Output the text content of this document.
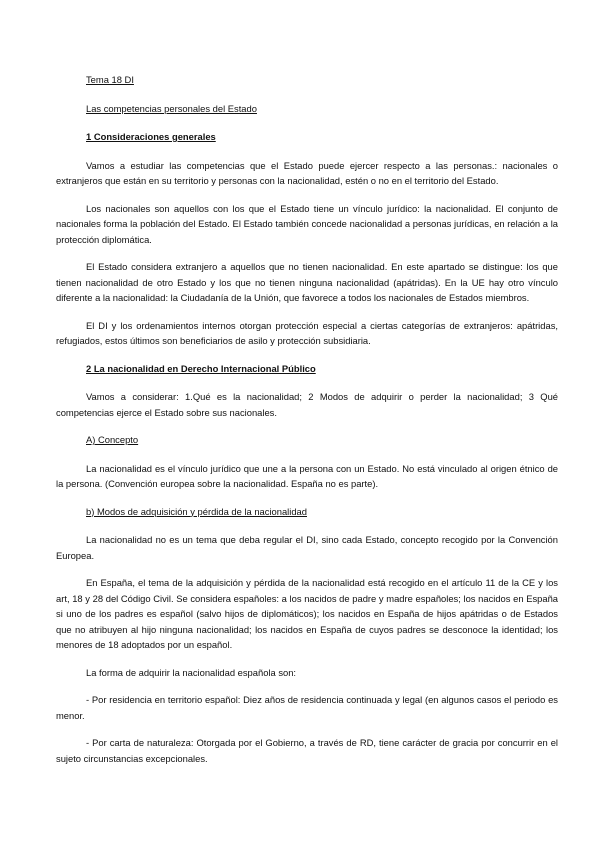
Tema 18 DI
Las competencias personales del Estado
1 Consideraciones generales

Vamos a estudiar las competencias que el Estado puede ejercer respecto a las personas.: nacionales o extranjeros que están en su territorio y personas con la nacionalidad, estén o no en el territorio del Estado.

Los nacionales son aquellos con los que el Estado tiene un vínculo jurídico: la nacionalidad. El conjunto de nacionales forma la población del Estado. El Estado también concede nacionalidad a personas jurídicas, en relación a la protección diplomática.

El Estado considera extranjero a aquellos que no tienen nacionalidad. En este apartado se distingue: los que tienen nacionalidad de otro Estado y los que no tienen ninguna nacionalidad (apátridas). En la UE hay otro vínculo diferente a la nacionalidad: la Ciudadanía de la Unión, que favorece a todos los nacionales de Estados miembros.

El DI y los ordenamientos internos otorgan protección especial a ciertas categorías de extranjeros: apátridas, refugiados, estos últimos son beneficiarios de asilo y protección subsidiaria.

2 La nacionalidad en Derecho Internacional Público

Vamos a considerar: 1.Qué es la nacionalidad; 2 Modos de adquirir o perder la nacionalidad; 3 Qué competencias ejerce el Estado sobre sus nacionales.

A) Concepto

La nacionalidad es el vínculo jurídico que une a la persona con un Estado. No está vinculado al origen étnico de la persona. (Convención europea sobre la nacionalidad. España no es parte).

b) Modos de adquisición y pérdida de la nacionalidad

La nacionalidad no es un tema que deba regular el DI, sino cada Estado, concepto recogido por la Convención Europea.

En España, el tema de la adquisición y pérdida de la nacionalidad está recogido en el artículo 11 de la CE y los art, 18 y 28 del Código Civil. Se considera españoles: a los nacidos de padre y madre españoles; los nacidos en España si uno de los padres es español (salvo hijos de diplomáticos); los nacidos en España de hijos apátridas o de Estados que no atribuyen al hijo ninguna nacionalidad; los nacidos en España de cuyos padres se desconoce la identidad; los menores de 18 adoptados por un español.

La forma de adquirir la nacionalidad española son:

- Por residencia en territorio español: Diez años de residencia continuada y legal (en algunos casos el periodo es menor.

- Por carta de naturaleza: Otorgada por el Gobierno, a través de RD, tiene carácter de gracia por concurrir en el sujeto circunstancias excepcionales.
